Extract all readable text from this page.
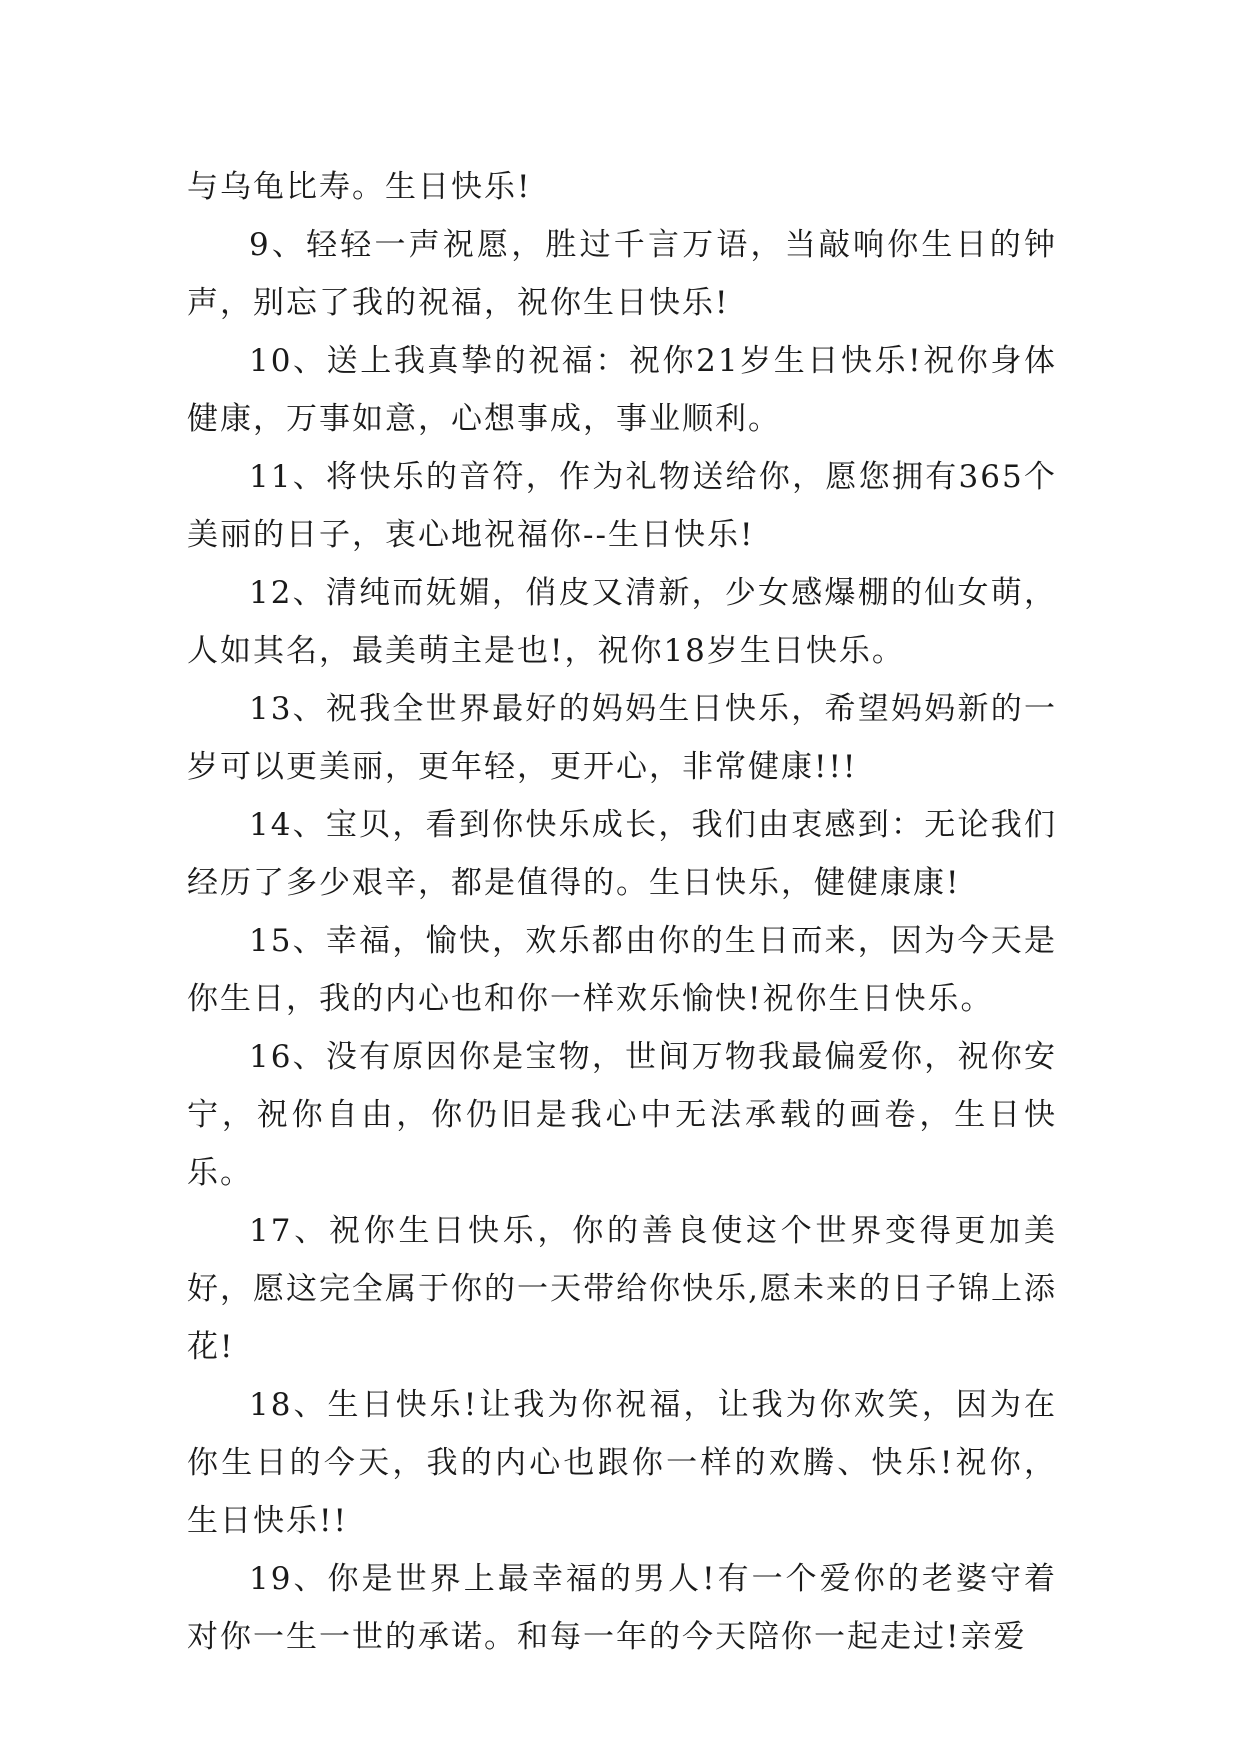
与乌龟比寿。生日快乐!

9、轻轻一声祝愿，胜过千言万语，当敲响你生日的钟声，别忘了我的祝福，祝你生日快乐!

10、送上我真挚的祝福：祝你21岁生日快乐!祝你身体健康，万事如意，心想事成，事业顺利。

11、将快乐的音符，作为礼物送给你，愿您拥有365个美丽的日子，衷心地祝福你--生日快乐!

12、清纯而妩媚，俏皮又清新，少女感爆棚的仙女萌，人如其名，最美萌主是也!，祝你18岁生日快乐。

13、祝我全世界最好的妈妈生日快乐，希望妈妈新的一岁可以更美丽，更年轻，更开心，非常健康!!!

14、宝贝，看到你快乐成长，我们由衷感到：无论我们经历了多少艰辛，都是值得的。生日快乐，健健康康!

15、幸福，愉快，欢乐都由你的生日而来，因为今天是你生日，我的内心也和你一样欢乐愉快!祝你生日快乐。

16、没有原因你是宝物，世间万物我最偏爱你，祝你安宁，祝你自由，你仍旧是我心中无法承载的画卷，生日快乐。

17、祝你生日快乐，你的善良使这个世界变得更加美好，愿这完全属于你的一天带给你快乐,愿未来的日子锦上添花!

18、生日快乐!让我为你祝福，让我为你欢笑，因为在你生日的今天，我的内心也跟你一样的欢腾、快乐!祝你，生日快乐!!

19、你是世界上最幸福的男人!有一个爱你的老婆守着对你一生一世的承诺。和每一年的今天陪你一起走过!亲爱
